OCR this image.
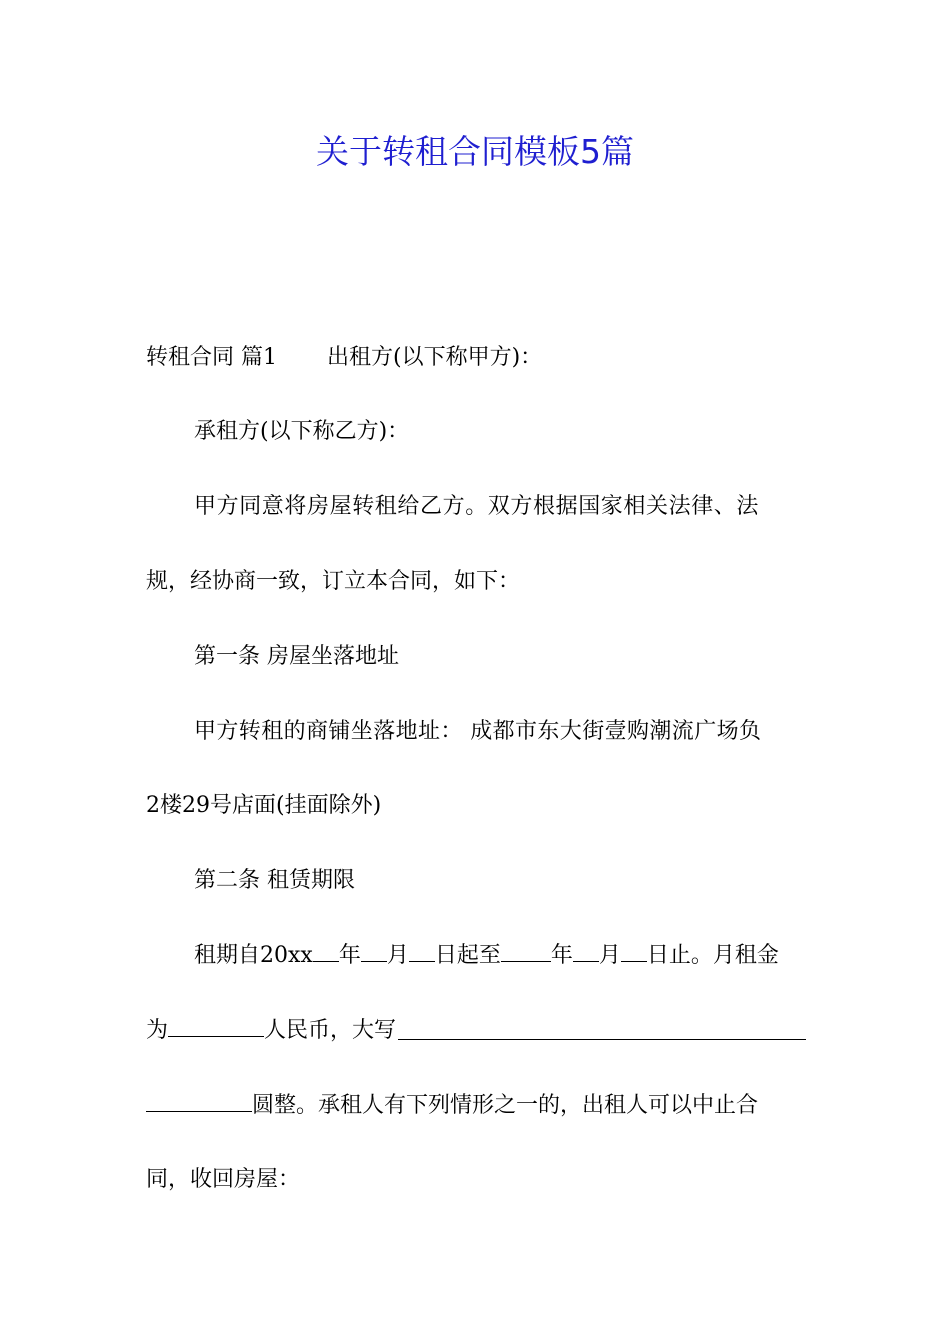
关于转租合同模板5篇
转租合同 篇1 出租方(以下称甲方)：
承租方(以下称乙方)：
甲方同意将房屋转租给乙方。双方根据国家相关法律、法
规，经协商一致，订立本合同，如下：
第一条 房屋坐落地址
甲方转租的商铺坐落地址： 成都市东大街壹购潮流广场负
2楼29号店面(挂面除外)
第二条 租赁期限
租期自20xx 年 月 日起至 年 月 日止。月租金
为	人民币，大写
圆整。承租人有下列情形之一的，出租人可以中止合
同，收回房屋：
